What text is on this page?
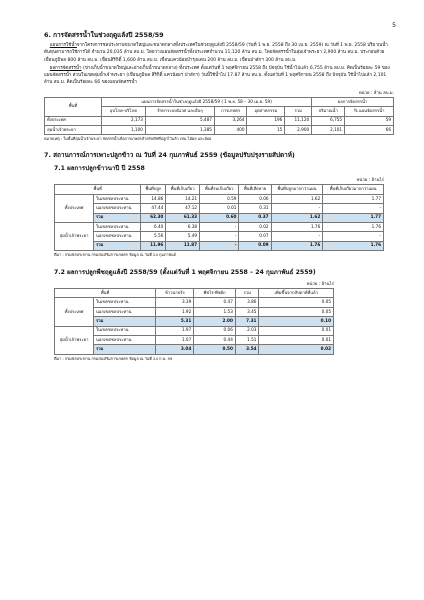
5
6. การจัดสรรน้ำในช่วงฤดูแล้งปี 2558/59

แผนการใช้น้ำจากโครงการชลประทานขนาดใหญ่และขนาดกลางทั้งประเทศในช่วงฤดูแล้งปี 2558/59 (วันที่ 1 พ.ย. 2558 ถึง 30 เม.ย. 2559) ณ วันที่ 1 พ.ย. 2558 ปริมาณน้ำต้นทุนสามารถใช้การได้ จำนวน 20,035 ล้าน ลบ.ม. โดยวางแผนจัดสรรน้ำทั้งประเทศจำนวน 11,120 ล้าน ลบ.ม. โดยจัดสรรน้ำในลุ่มเจ้าพระยา 2,900 ล้าน ลบ.ม. ประกอบด้วยเขื่อนภูมิพล 800 ล้าน ลบ.ม. เขื่อนสิริกิติ์ 1,600 ล้าน ลบ.ม. เขื่อนแควน้อยบำรุงแดน 200 ล้าน ลบ.ม. เขื่อนป่าสักฯ 300 ล้าน ลบ.ม.

ผลการจัดสรรน้ำ (ข่างเก็บน้ำขนาดใหญ่และอ่างเก็บน้ำขนาดกลาง) ทั้งประเทศ ตั้งแต่วันที่ 1 พฤศจิกายน 2558 ถึง ปัจจุบัน ใช้น้ำไปแล้ว 6,755 ล้าน ลบ.ม. คิดเป็นร้อยละ 59 ของแผนจัดสรรน้ำ ส่วนในเขตลุ่มน้ำเจ้าพระยา (เขื่อนภูมิพล สิริกิติ์ แควน้อยฯ ป่าสักฯ) วันนี้ใช้น้ำไป 17.87 ล้าน ลบ.ม. ตั้งแต่วันที่ 1 พฤศจิกายน 2558 ถึง ปัจจุบัน ใช้น้ำไปแล้ว 2,101 ล้าน ลบ.ม. คิดเป็นร้อยละ 66 ของแผนจัดสรรน้ำ

หน่วย : ล้าน ลบ.ม.
พื้นที่	แผนการจัดสรรน้ำในช่วงฤดูแล้งปี 2558/59 ( 1 พ.ย. 58 – 30 เม.ย. 59)					ผลการจัดสรรน้ำ	
	อุปโภค-บริโภค	รักษาระบบนิเวศ และอื่นๆ	การเกษตร	อุตสาหกรรม	รวม	ปริมาณน้ำ	% แผนจัดสรรน้ำ
ทั้งประเทศ	2,173	5,487	3,264	196	11,120	6,755	59
ลุ่มน้ำเจ้าพระยา	1,100	1,385	400	15	2,900	2,101	66
หมายเหตุ : ในพื้นที่ลุ่มน้ำเจ้าพระยา จัดสรรน้ำเพื่อการเกษตรสำหรับพืชที่ปลูกไว้แล้ว เช่น ไม้ผล และอ้อย
7. สถานการณ์การเพาะปลูกข้าว ณ วันที่ 24 กุมภาพันธ์ 2559 (ข้อมูลปรับปรุงรายสัปดาห์)
7.1 ผลการปลูกข้าวนาปี ปี 2558
หน่วย : ล้านไร่
พื้นที่		พื้นที่ปลูก	พื้นที่เก็บเกี่ยว	พื้นที่รอเก็บเกี่ยว	พื้นที่เสียหาย	พื้นที่ปลูกมากกว่าแผน	พื้นที่เก็บเกี่ยวมากกว่าแผน
ทั้งประเทศ	ในเขตชลประทาน	14.86	14.21	0.59	0.06	1.62	1.77
	นอกเขตชลประทาน	47.44	47.12	0.01	0.31	-	-
	รวม	62.30	61.33	0.60	0.37	1.62	1.77
ลุ่มน้ำเจ้าพระยา	ในเขตชลประทาน	6.40	6.38	-	0.02	1.76	1.76
	นอกเขตชลประทาน	5.56	5.49	-	0.07	-	-
	รวม	11.96	11.87	-	0.09	1.76	1.76
ที่มา : กรมชลประทาน กรมส่งเสริมการเกษตร ข้อมูล ณ วันที่ 24 กุมภาพันธ์
7.2 ผลการปลูกพืชฤดูแล้งปี 2558/59 (ตั้งแต่วันที่ 1 พฤศจิกายน 2558 – 24 กุมภาพันธ์ 2559)
หน่วย : ล้านไร่
พื้นที่		ข้าวนาปรัง	พืชไร่-พืชผัก	รวม	เพิ่มขึ้นจากสัปดาห์ที่แล้ว
ทั้งประเทศ	ในเขตชลประทาน	3.39	0.47	3.86	0.05
	นอกเขตชลประทาน	1.92	1.53	3.45	0.05
	รวม	5.31	2.00	7.31	0.10
ลุ่มน้ำเจ้าพระยา	ในเขตชลประทาน	1.97	0.06	2.03	0.01
	นอกเขตชลประทาน	1.07	0.44	1.51	0.01
	รวม	3.04	0.50	3.54	0.02
ที่มา : กรมชลประทาน กรมส่งเสริมการเกษตร ข้อมูล ณ วันที่ 24 ก.พ. 59
